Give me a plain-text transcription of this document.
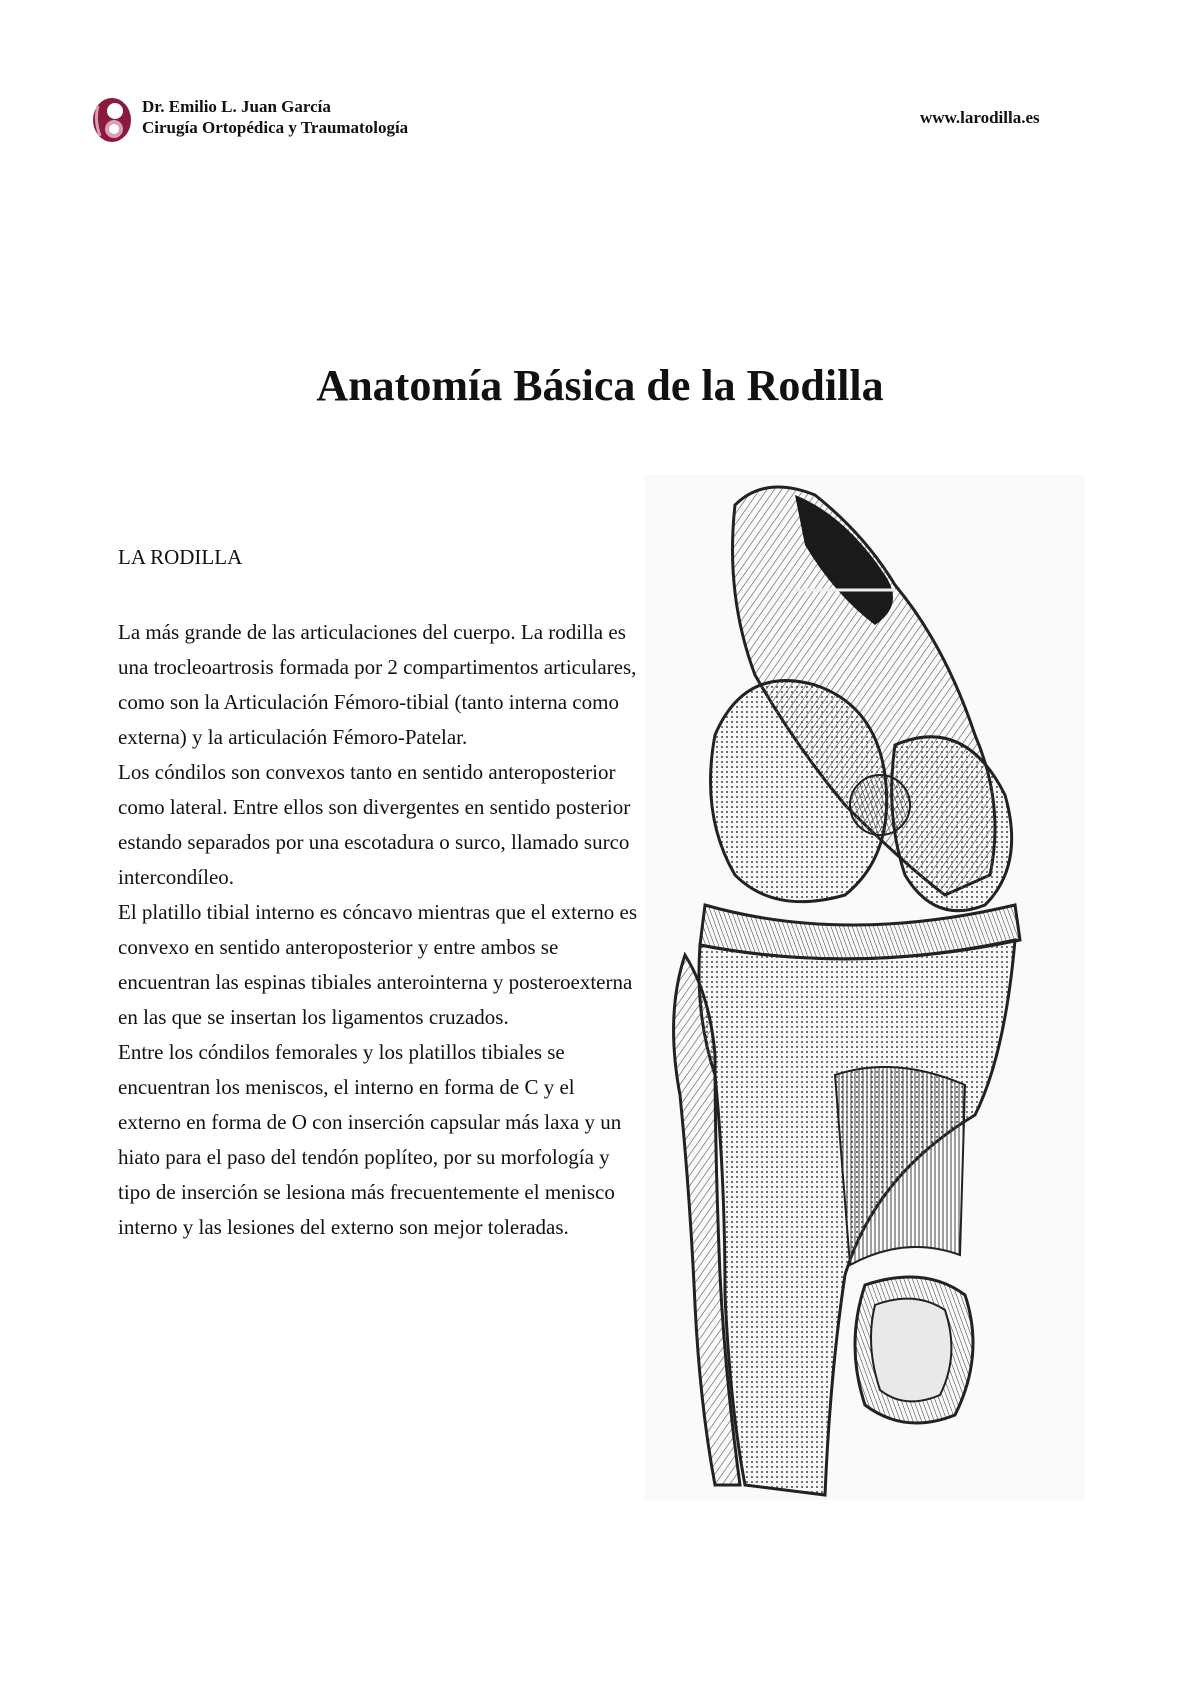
Dr. Emilio L. Juan García
Cirugía Ortopédica y Traumatología
www.larodilla.es
Anatomía Básica de la Rodilla
LA RODILLA

La más grande de las articulaciones del cuerpo. La rodilla es una trocleoartrosis formada por 2 compartimentos articulares, como son la Articulación Fémoro-tibial (tanto interna como externa) y la articulación Fémoro-Patelar.

Los cóndilos son convexos tanto en sentido anteroposterior como lateral. Entre ellos son divergentes en sentido posterior estando separados por una escotadura o surco, llamado surco intercondíleo.

El platillo tibial interno es cóncavo mientras que el externo es convexo en sentido anteroposterior y entre ambos se encuentran las espinas tibiales anterointerna y posteroexterna en las que se insertan los ligamentos cruzados.

Entre los cóndilos femorales y los platillos tibiales se encuentran los meniscos, el interno en forma de C y el externo en forma de O con inserción capsular más laxa y un hiato para el paso del tendón poplíteo, por su morfología y tipo de inserción se lesiona más frecuentemente el menisco interno y las lesiones del externo son mejor toleradas.
